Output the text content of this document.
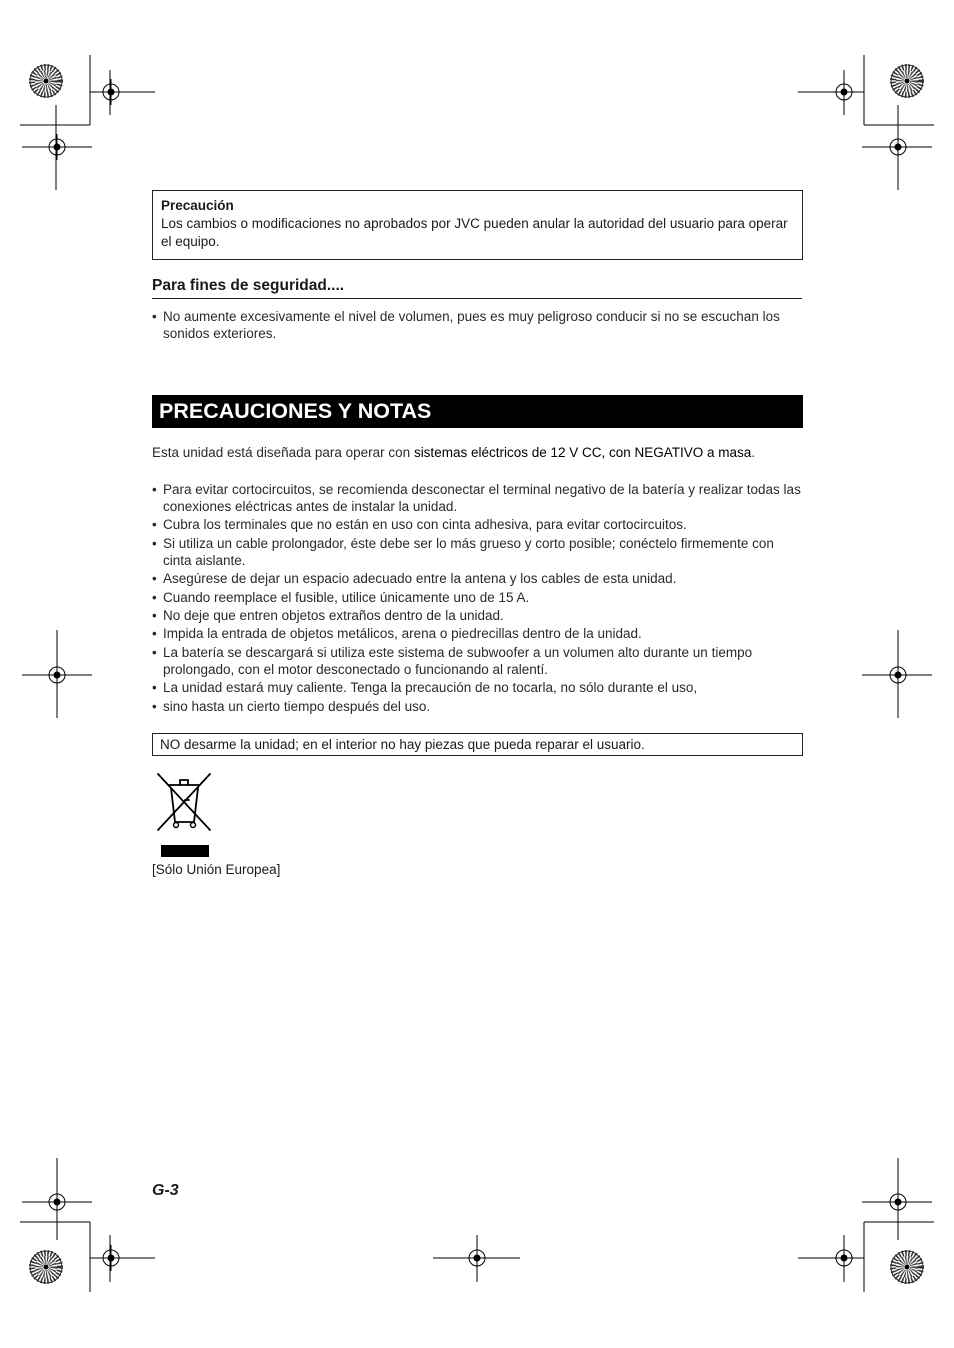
Precaución
Los cambios o modificaciones no aprobados por JVC pueden anular la autoridad del usuario para operar el equipo.
Para fines de seguridad....
• No aumente excesivamente el nivel de volumen, pues es muy peligroso conducir si no se escuchan los sonidos exteriores.
PRECAUCIONES Y NOTAS
Esta unidad está diseñada para operar con sistemas eléctricos de 12 V CC, con NEGATIVO a masa.
• Para evitar cortocircuitos, se recomienda desconectar el terminal negativo de la batería y realizar todas las conexiones eléctricas antes de instalar la unidad.
• Cubra los terminales que no están en uso con cinta adhesiva, para evitar cortocircuitos.
• Si utiliza un cable prolongador, éste debe ser lo más grueso y corto posible; conéctelo firmemente con cinta aislante.
• Asegúrese de dejar un espacio adecuado entre la antena y los cables de esta unidad.
• Cuando reemplace el fusible, utilice únicamente uno de 15 A.
• No deje que entren objetos extraños dentro de la unidad.
• Impida la entrada de objetos metálicos, arena o piedrecillas dentro de la unidad.
• La batería se descargará si utiliza este sistema de subwoofer a un volumen alto durante un tiempo prolongado, con el motor desconectado o funcionando al ralentí.
• La unidad estará muy caliente. Tenga la precaución de no tocarla, no sólo durante el uso,
• sino hasta un cierto tiempo después del uso.
NO desarme la unidad; en el interior no hay piezas que pueda reparar el usuario.
[Sólo Unión Europea]
G-3
